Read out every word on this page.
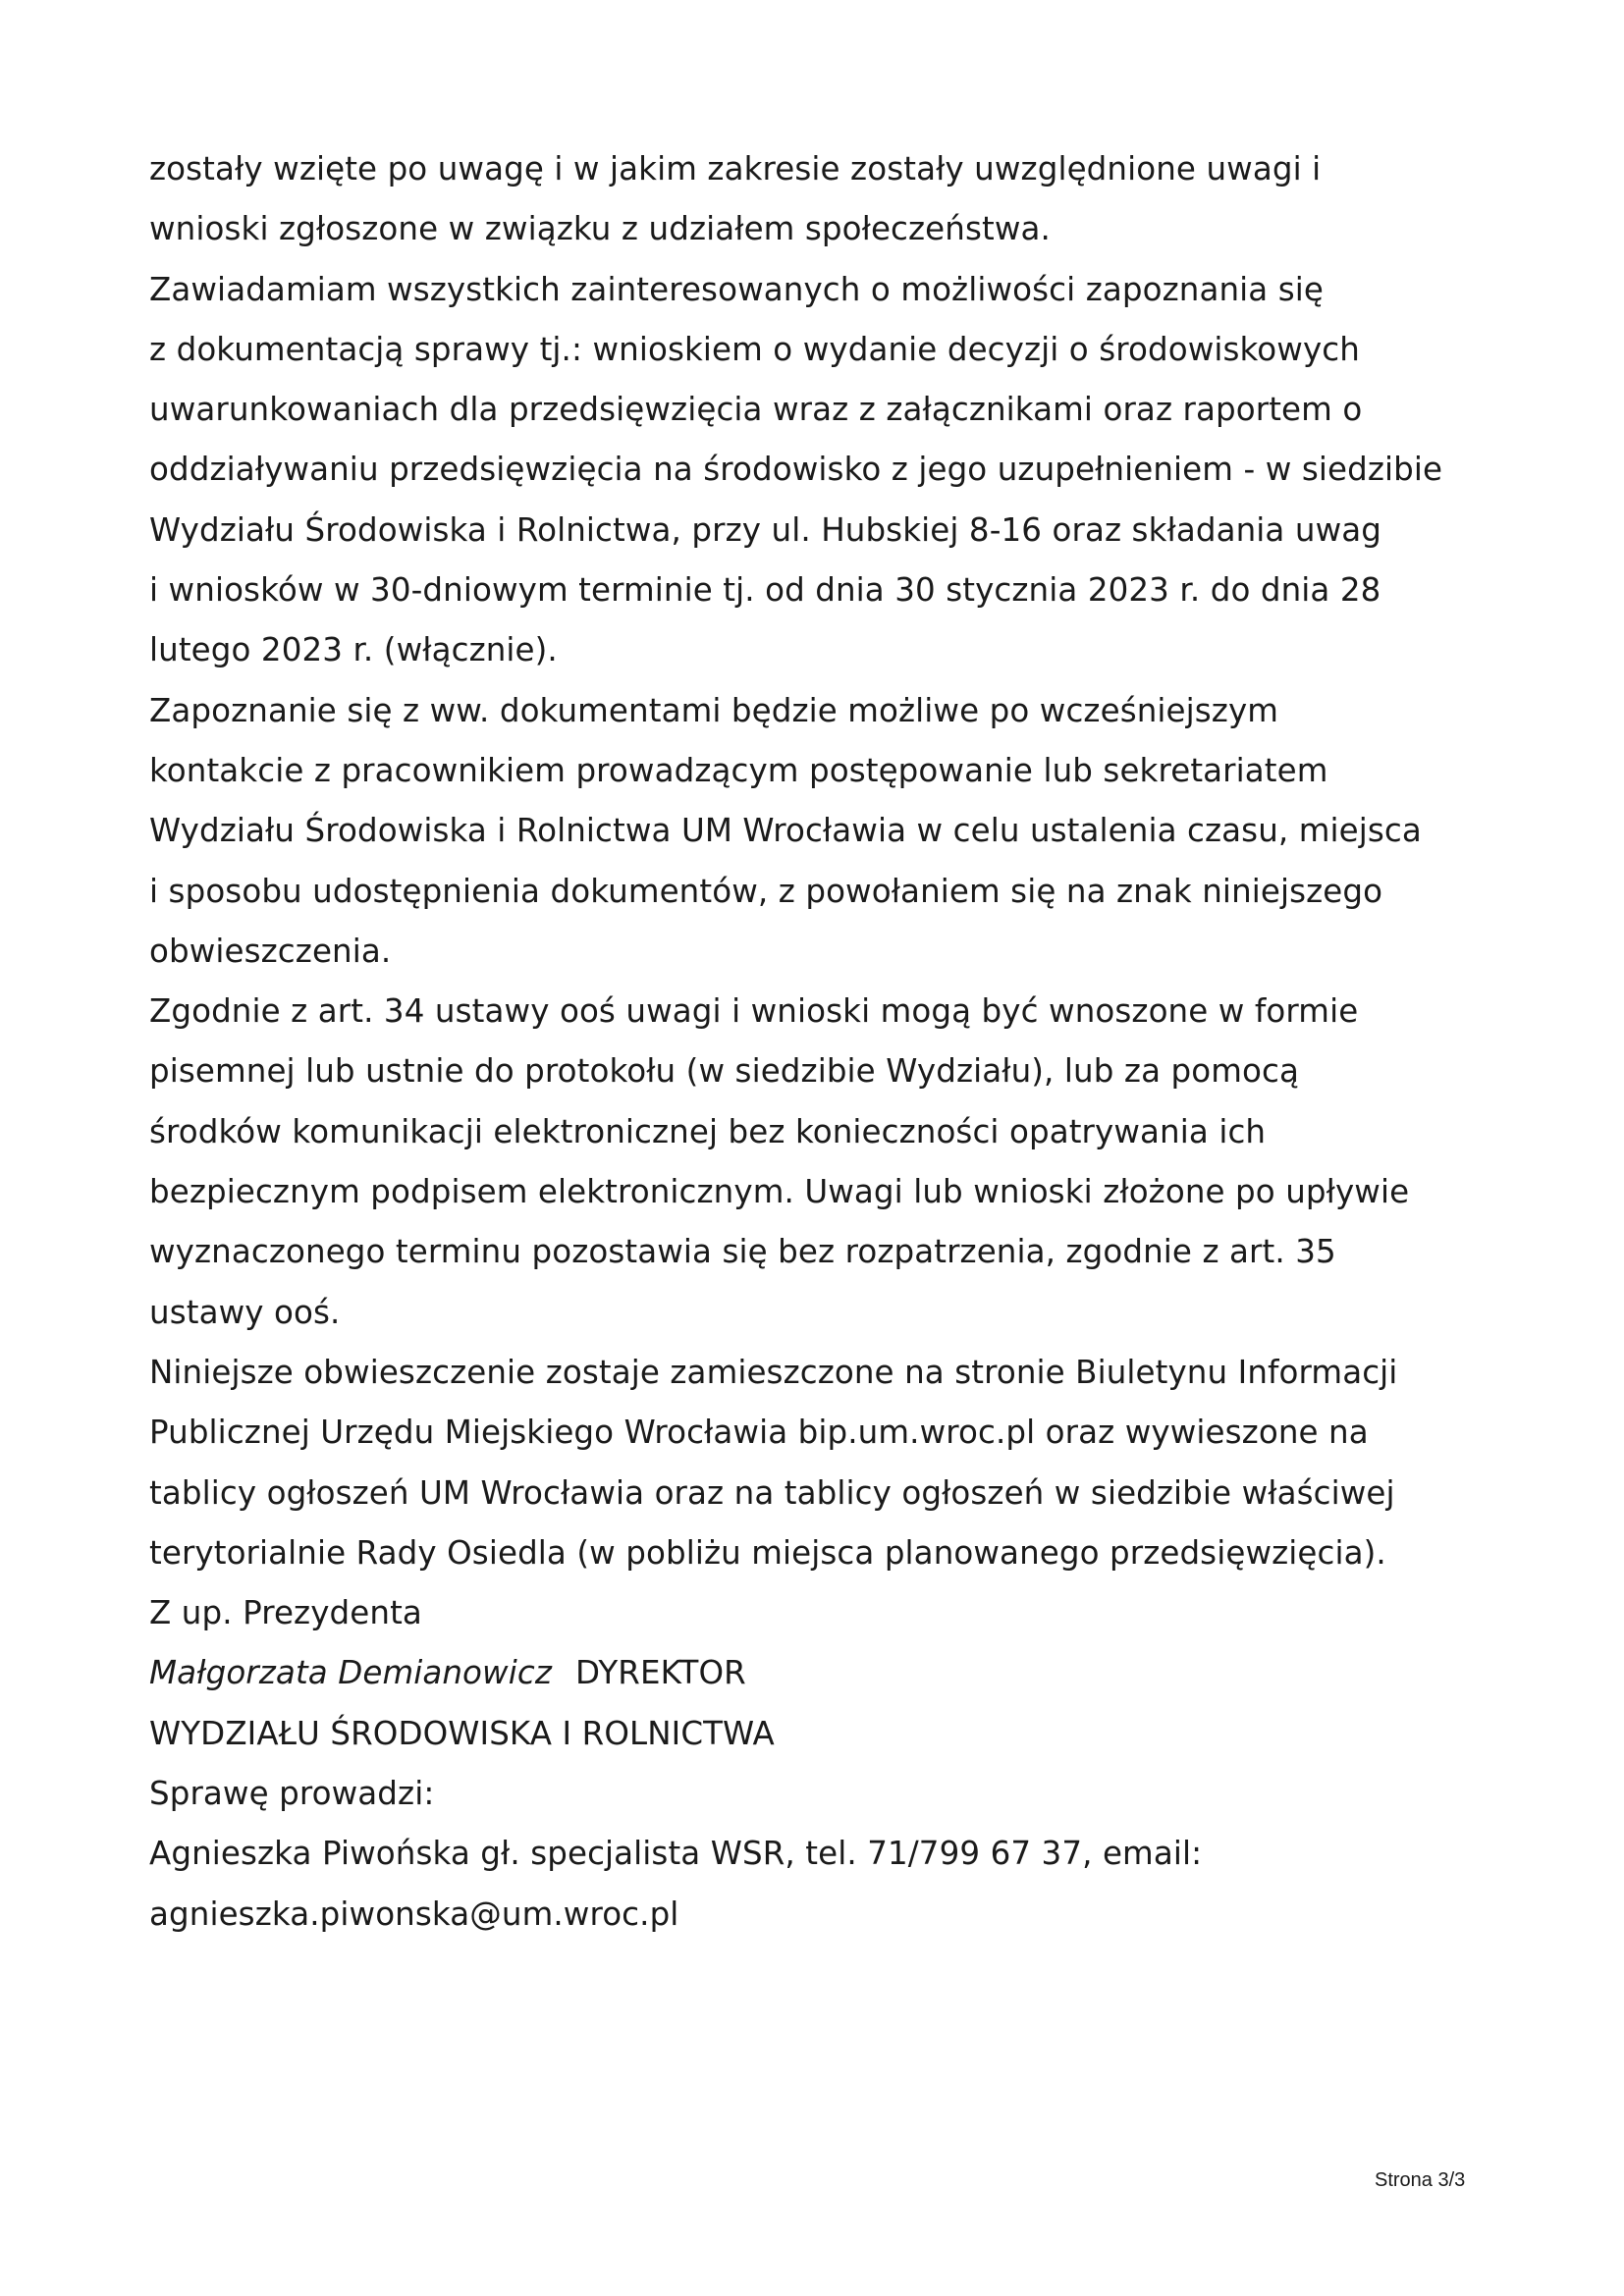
zostały wzięte po uwagę i w jakim zakresie zostały uwzględnione uwagi i
wnioski zgłoszone w związku z udziałem społeczeństwa.
Zawiadamiam wszystkich zainteresowanych o możliwości zapoznania się
z dokumentacją sprawy tj.: wnioskiem o wydanie decyzji o środowiskowych
uwarunkowaniach dla przedsięwzięcia wraz z załącznikami oraz raportem o
oddziaływaniu przedsięwzięcia na środowisko z jego uzupełnieniem - w siedzibie
Wydziału Środowiska i Rolnictwa, przy ul. Hubskiej 8-16 oraz składania uwag
i wniosków w 30-dniowym terminie tj. od dnia 30 stycznia 2023 r. do dnia 28
lutego 2023 r. (włącznie).
Zapoznanie się z ww. dokumentami będzie możliwe po wcześniejszym
kontakcie z pracownikiem prowadzącym postępowanie lub sekretariatem
Wydziału Środowiska i Rolnictwa UM Wrocławia w celu ustalenia czasu, miejsca
i sposobu udostępnienia dokumentów, z powołaniem się na znak niniejszego
obwieszczenia.
Zgodnie z art. 34 ustawy ooś uwagi i wnioski mogą być wnoszone w formie
pisemnej lub ustnie do protokołu (w siedzibie Wydziału), lub za pomocą
środków komunikacji elektronicznej bez konieczności opatrywania ich
bezpiecznym podpisem elektronicznym. Uwagi lub wnioski złożone po upływie
wyznaczonego terminu pozostawia się bez rozpatrzenia, zgodnie z art. 35
ustawy ooś.
Niniejsze obwieszczenie zostaje zamieszczone na stronie Biuletynu Informacji
Publicznej Urzędu Miejskiego Wrocławia bip.um.wroc.pl oraz wywieszone na
tablicy ogłoszeń UM Wrocławia oraz na tablicy ogłoszeń w siedzibie właściwej
terytorialnie Rady Osiedla (w pobliżu miejsca planowanego przedsięwzięcia).
Z up. Prezydenta
Małgorzata Demianowicz DYREKTOR
WYDZIAŁU ŚRODOWISKA I ROLNICTWA
Sprawę prowadzi:
Agnieszka Piwońska gł. specjalista WSR, tel. 71/799 67 37, email:
agnieszka.piwonska@um.wroc.pl
Strona 3/3
